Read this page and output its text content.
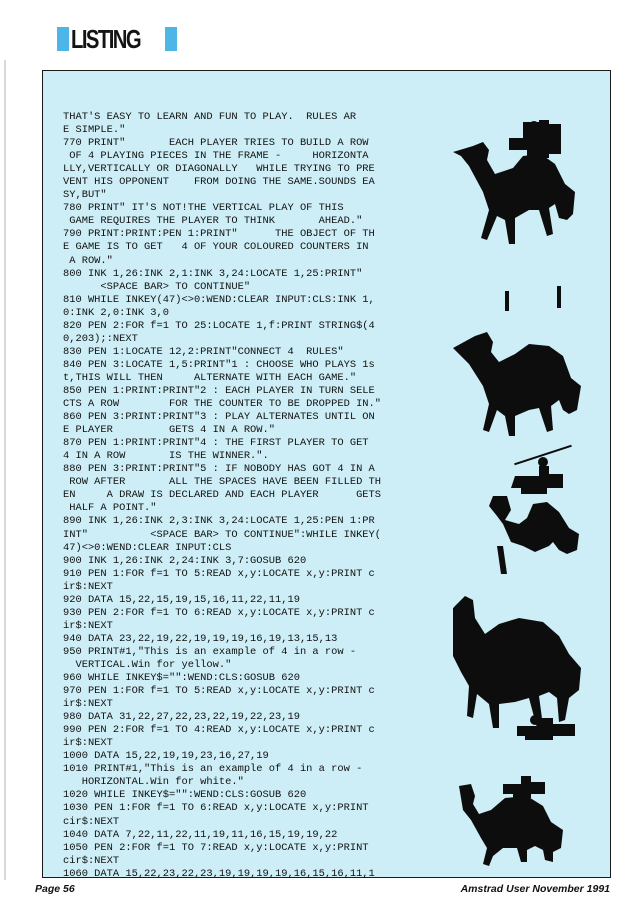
LISTING
THAT'S EASY TO LEARN AND FUN TO PLAY.  RULES AR
E SIMPLE."
770 PRINT"       EACH PLAYER TRIES TO BUILD A ROW
OF 4 PLAYING PIECES IN THE FRAME -     HORIZONTA
LLY,VERTICALLY OR DIAGONALLY   WHILE TRYING TO PRE
VENT HIS OPPONENT    FROM DOING THE SAME.SOUNDS EA
SY,BUT"
780 PRINT" IT'S NOT!THE VERTICAL PLAY OF THIS
GAME REQUIRES THE PLAYER TO THINK       AHEAD."
790 PRINT:PRINT:PEN 1:PRINT"      THE OBJECT OF TH
E GAME IS TO GET   4 OF YOUR COLOURED COUNTERS IN
A ROW."
800 INK 1,26:INK 2,1:INK 3,24:LOCATE 1,25:PRINT"
<SPACE BAR> TO CONTINUE"
810 WHILE INKEY(47)<>0:WEND:CLEAR INPUT:CLS:INK 1,
0:INK 2,0:INK 3,0
820 PEN 2:FOR f=1 TO 25:LOCATE 1,f:PRINT STRING$(4
0,203);:NEXT
830 PEN 1:LOCATE 12,2:PRINT"CONNECT 4  RULES"
840 PEN 3:LOCATE 1,5:PRINT"1 : CHOOSE WHO PLAYS 1s
t,THIS WILL THEN     ALTERNATE WITH EACH GAME."
850 PEN 1:PRINT:PRINT"2 : EACH PLAYER IN TURN SELE
CTS A ROW        FOR THE COUNTER TO BE DROPPED IN."
860 PEN 3:PRINT:PRINT"3 : PLAY ALTERNATES UNTIL ON
E PLAYER         GETS 4 IN A ROW."
870 PEN 1:PRINT:PRINT"4 : THE FIRST PLAYER TO GET
4 IN A ROW       IS THE WINNER.".
880 PEN 3:PRINT:PRINT"5 : IF NOBODY HAS GOT 4 IN A
ROW AFTER       ALL THE SPACES HAVE BEEN FILLED TH
EN     A DRAW IS DECLARED AND EACH PLAYER      GETS
HALF A POINT."
890 INK 1,26:INK 2,3:INK 3,24:LOCATE 1,25:PEN 1:PR
INT"          <SPACE BAR> TO CONTINUE":WHILE INKEY(
47)<>0:WEND:CLEAR INPUT:CLS
900 INK 1,26:INK 2,24:INK 3,7:GOSUB 620
910 PEN 1:FOR f=1 TO 5:READ x,y:LOCATE x,y:PRINT c
ir$:NEXT
920 DATA 15,22,15,19,15,16,11,22,11,19
930 PEN 2:FOR f=1 TO 6:READ x,y:LOCATE x,y:PRINT c
ir$:NEXT
940 DATA 23,22,19,22,19,19,19,16,19,13,15,13
950 PRINT#1,"This is an example of 4 in a row -
VERTICAL.Win for yellow."
960 WHILE INKEY$="":WEND:CLS:GOSUB 620
970 PEN 1:FOR f=1 TO 5:READ x,y:LOCATE x,y:PRINT c
ir$:NEXT
980 DATA 31,22,27,22,23,22,19,22,23,19
990 PEN 2:FOR f=1 TO 4:READ x,y:LOCATE x,y:PRINT c
ir$:NEXT
1000 DATA 15,22,19,19,23,16,27,19
1010 PRINT#1,"This is an example of 4 in a row -
HORIZONTAL.Win for white."
1020 WHILE INKEY$="":WEND:CLS:GOSUB 620
1030 PEN 1:FOR f=1 TO 6:READ x,y:LOCATE x,y:PRINT
cir$:NEXT
1040 DATA 7,22,11,22,11,19,11,16,15,19,19,22
1050 PEN 2:FOR f=1 TO 7:READ x,y:LOCATE x,y:PRINT
cir$:NEXT
1060 DATA 15,22,23,22,23,19,19,19,19,16,15,16,11,1
Page 56	Amstrad User November 1991
